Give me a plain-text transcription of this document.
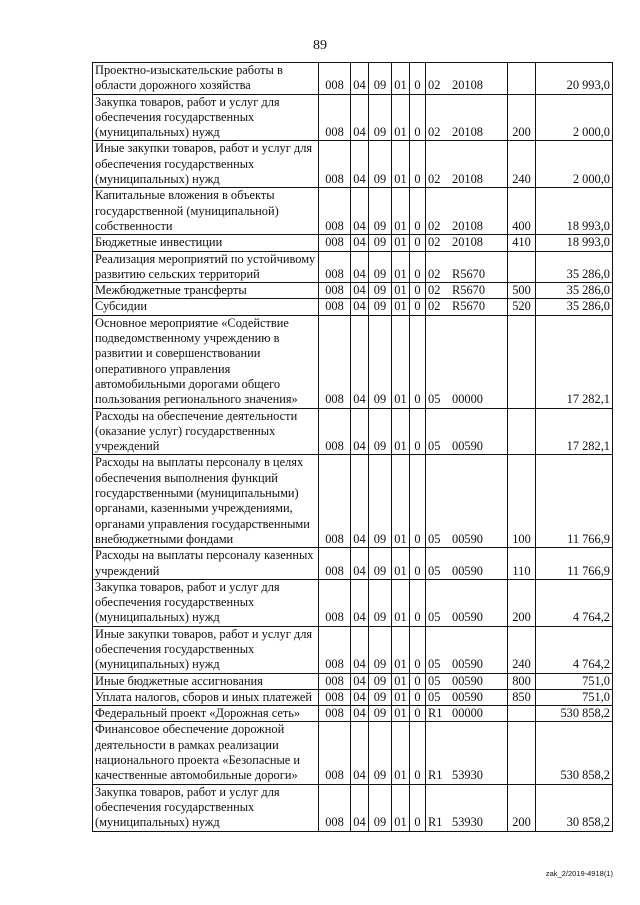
89
Проектно-изыскательские работы в области дорожного хозяйства	008	04	09	01	0	02 20108		20 993,0
Закупка товаров, работ и услуг для обеспечения государственных (муниципальных) нужд	008	04	09	01	0	02 20108	200	2 000,0
Иные закупки товаров, работ и услуг для обеспечения государственных (муниципальных) нужд	008	04	09	01	0	02 20108	240	2 000,0
Капитальные вложения в объекты государственной (муниципальной) собственности	008	04	09	01	0	02 20108	400	18 993,0
Бюджетные инвестиции	008	04	09	01	0	02 20108	410	18 993,0
Реализация мероприятий по устойчивому развитию сельских территорий	008	04	09	01	0	02 R5670		35 286,0
Межбюджетные трансферты	008	04	09	01	0	02 R5670	500	35 286,0
Субсидии	008	04	09	01	0	02 R5670	520	35 286,0
Основное мероприятие «Содействие подведомственному учреждению в развитии и совершенствовании оперативного управления автомобильными дорогами общего пользования регионального значения»	008	04	09	01	0	05 00000		17 282,1
Расходы на обеспечение деятельности (оказание услуг) государственных учреждений	008	04	09	01	0	05 00590		17 282,1
Расходы на выплаты персоналу в целях обеспечения выполнения функций государственными (муниципальными) органами, казенными учреждениями, органами управления государственными внебюджетными фондами	008	04	09	01	0	05 00590	100	11 766,9
Расходы на выплаты персоналу казенных учреждений	008	04	09	01	0	05 00590	110	11 766,9
Закупка товаров, работ и услуг для обеспечения государственных (муниципальных) нужд	008	04	09	01	0	05 00590	200	4 764,2
Иные закупки товаров, работ и услуг для обеспечения государственных (муниципальных) нужд	008	04	09	01	0	05 00590	240	4 764,2
Иные бюджетные ассигнования	008	04	09	01	0	05 00590	800	751,0
Уплата налогов, сборов и иных платежей	008	04	09	01	0	05 00590	850	751,0
Федеральный проект «Дорожная сеть»	008	04	09	01	0	R1 00000		530 858,2
Финансовое обеспечение дорожной деятельности в рамках реализации национального проекта «Безопасные и качественные автомобильные дороги»	008	04	09	01	0	R1 53930		530 858,2
Закупка товаров, работ и услуг для обеспечения государственных (муниципальных) нужд	008	04	09	01	0	R1 53930	200	30 858,2
zak_2/2019-4918(1)
